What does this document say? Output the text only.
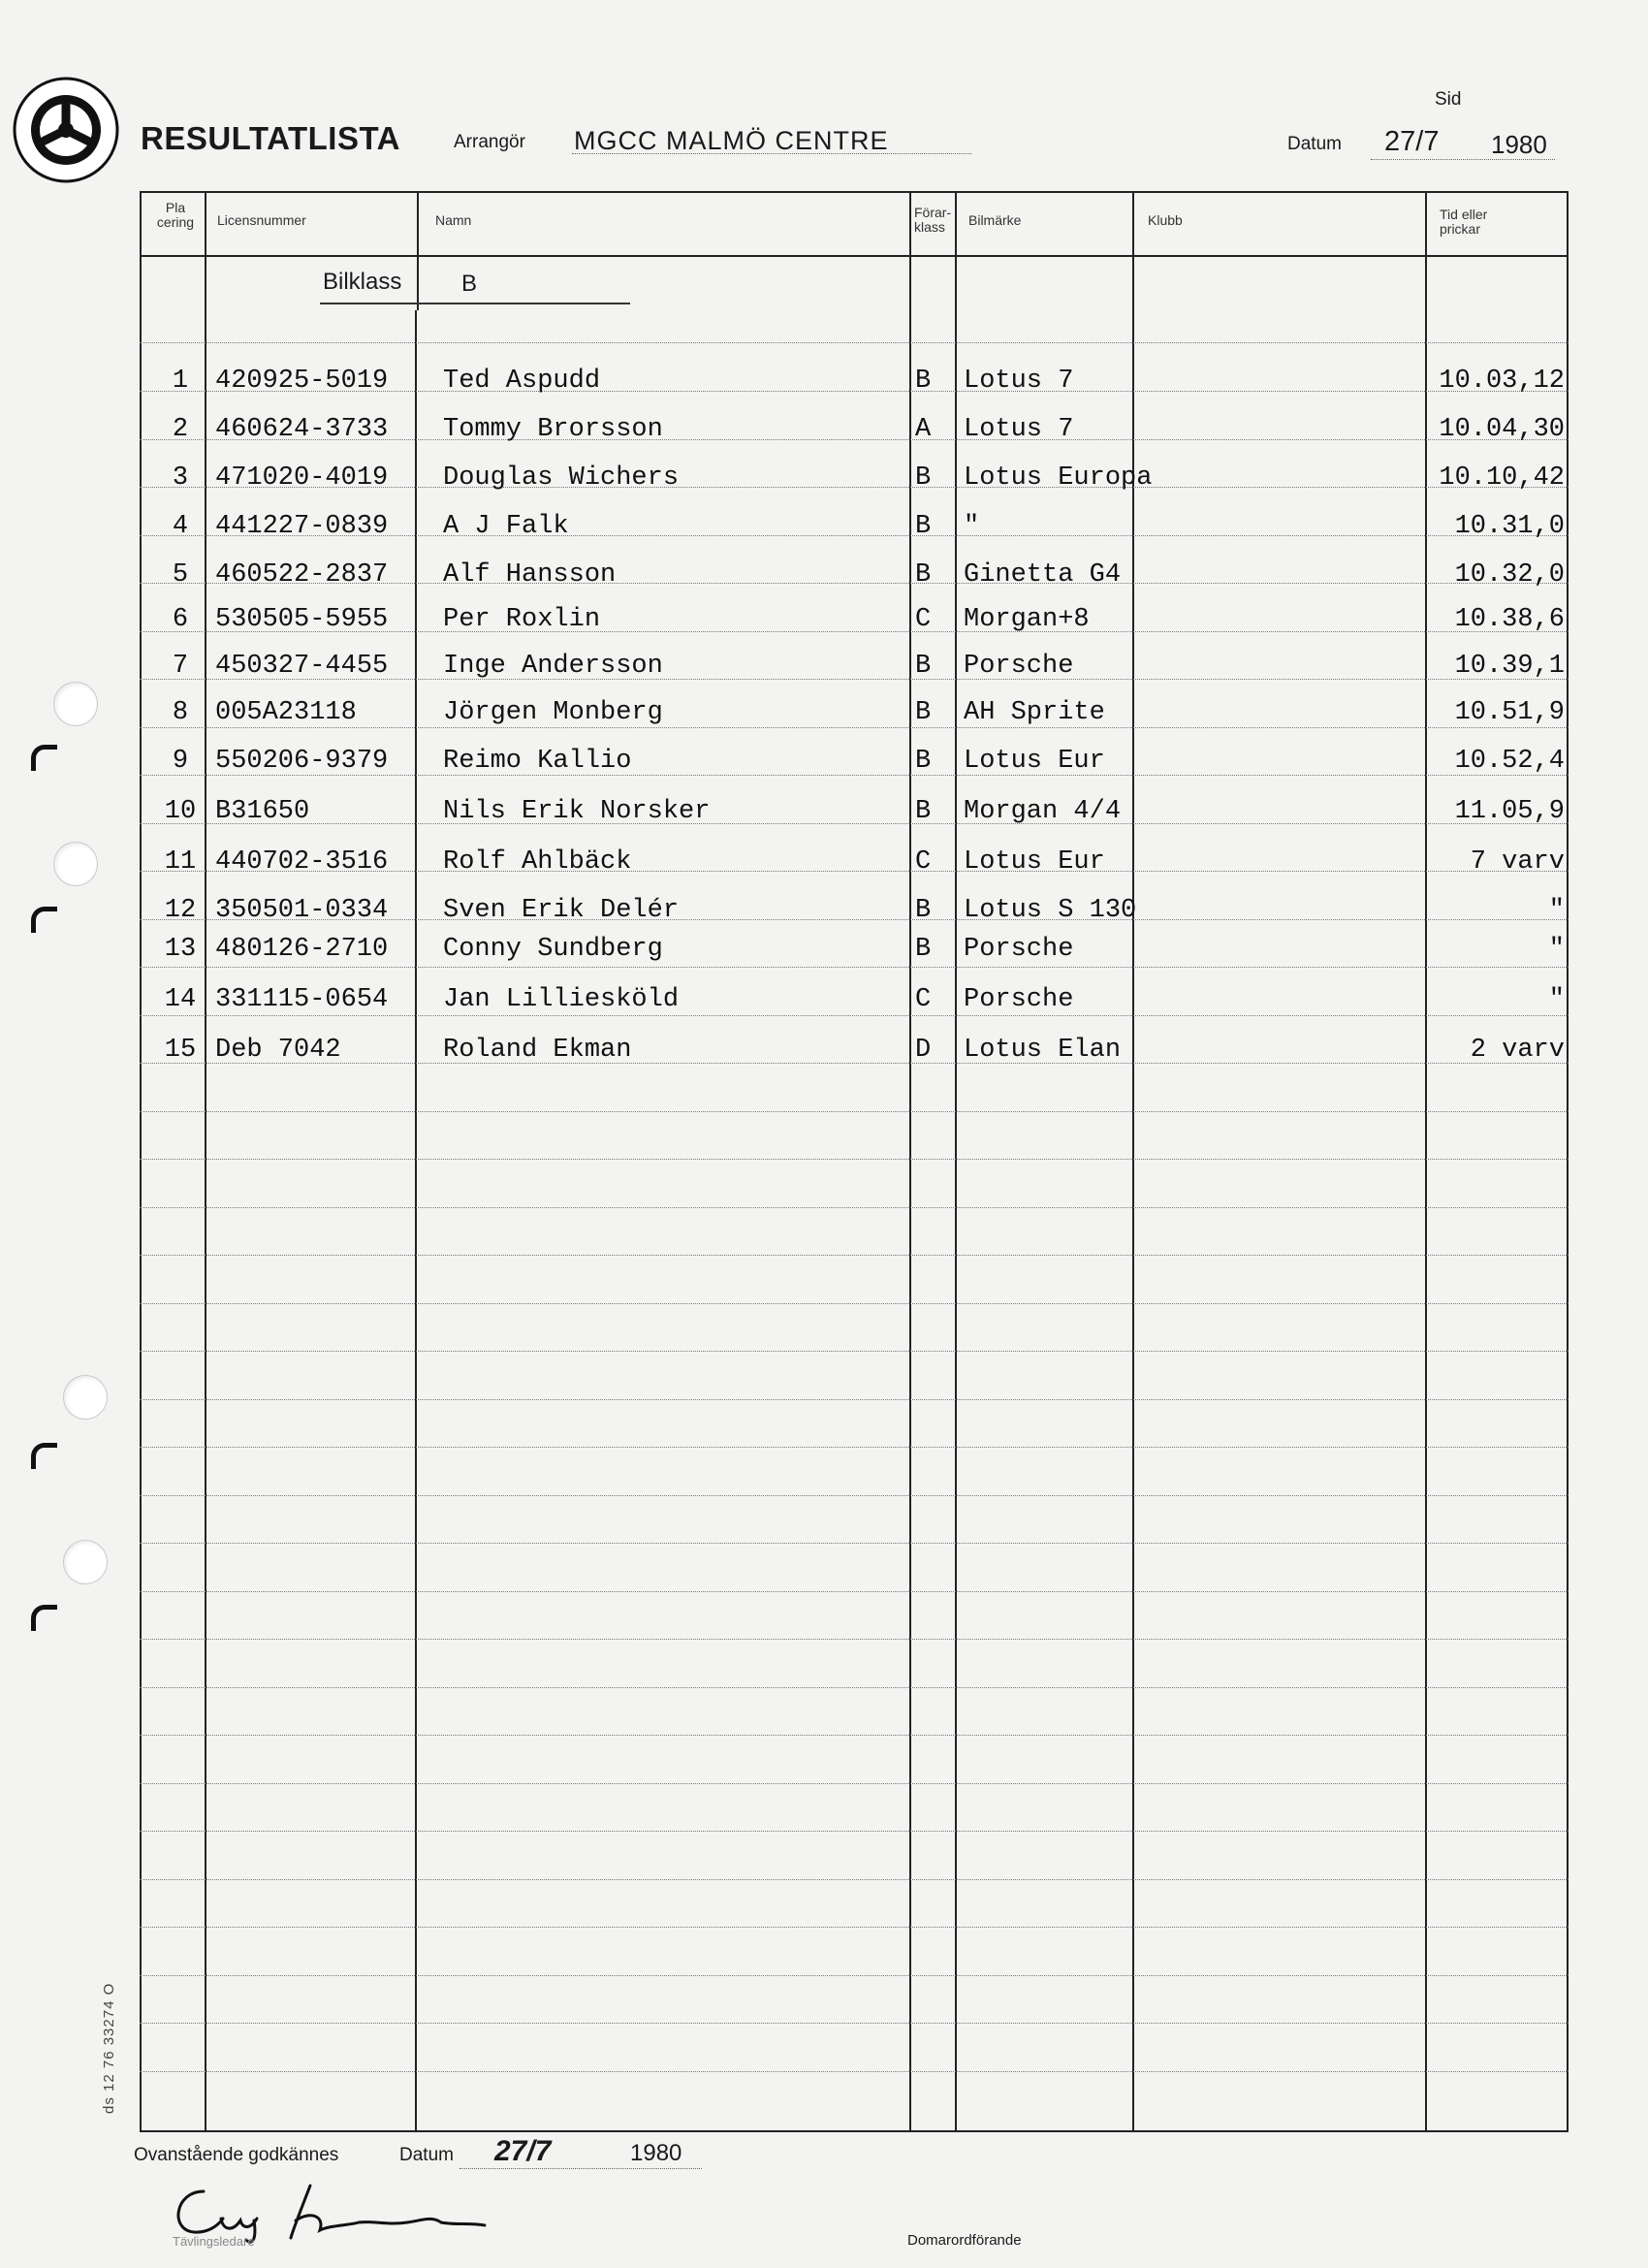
RESULTATLISTA	Arrangör MGCC MALMÖ CENTRE
Sid
Datum 27/7 1980
Pla cering	Licensnummer	Namn	Förar- klass	Bilmärke	Klubb	Tid eller prickar
Bilklass	B
1	420925-5019 Ted Aspudd	B Lotus 7	10.03,12
2	460624-3733 Tommy Brorsson	A Lotus 7	10.04,30
3	471020-4019 Douglas Wichers	B Lotus Europa	10.10,42
4	441227-0839 A J Falk	B "	10.31,0
5	460522-2837 Alf Hansson	B Ginetta G4	10.32,0
6	530505-5955 Per Roxlin	C Morgan+8	10.38,6
7	450327-4455 Inge Andersson	B Porsche	10.39,1
8	005A23118	Jörgen Monberg	B AH Sprite	10.51,9
9	550206-9379 Reimo Kallio	B Lotus Eur	10.52,4
10 B31650	Nils Erik Norsker	B Morgan 4/4	11.05,9
11 440702-3516 Rolf Ahlbäck	C Lotus Eur	7 varv
12 350501-0334 Sven Erik Delér	B Lotus S 130	"
13 480126-2710 Conny Sundberg	B Porsche	"
14 331115-0654 Jan Lilliesköld	C Porsche	"
15 Deb 7042	Roland Ekman	D Lotus Elan	2 varv
ds 12 76 33274 O
Ovanstående godkännes	Datum 27/7	1980
Tävlingsledare	Domarordförande
